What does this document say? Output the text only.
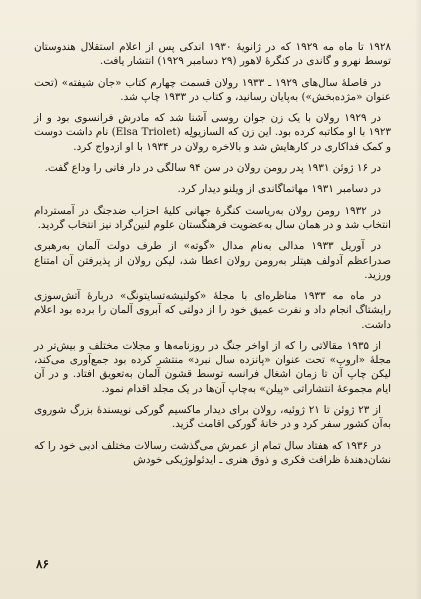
۱۹۲۸ تا ماه مه ۱۹۲۹ که در ژانویهٔ ۱۹۳۰ اندکی پس از اعلام استقلال هندوستان توسط نهرو و گاندی در کنگرهٔ لاهور (۲۹ دسامبر ۱۹۲۹) انتشار یافت.

در فاصلهٔ سال‌های ۱۹۲۹ ـ ۱۹۳۳ رولان قسمت چهارم کتاب «جان شیفته» (تحت عنوان «مژده‌بخش») به‌پایان رسانید، و کتاب در ۱۹۳۳ چاپ شد.

در ۱۹۲۹ رولان با یک زن جوان روسی آشنا شد که مادرش فرانسوی بود و از ۱۹۲۳ با او مکاتبه کرده بود. این زن که السازیولِه (Elsa Triolet) نام داشت دوست و کمک فداکاری در کارهایش شد و بالاخره رولان در ۱۹۳۴ با او ازدواج کرد.

در ۱۶ ژوئن ۱۹۳۱ پدر رومن رولان در سن ۹۴ سالگی در دار فانی را وداع گفت.

در دسامبر ۱۹۳۱ مهاتماگاندی از ویلنو دیدار کرد.

در ۱۹۳۲ رومن رولان به‌ریاست کنگرهٔ جهانی کلیهٔ احزاب ضدجنگ در آمستردام انتخاب شد و در همان سال به‌عضویت فرهنگستان علوم لنین‌گراد نیز انتخاب گردید.

در آوریل ۱۹۳۳ مدالی به‌نام مدال «گوته» از طرف دولت آلمان به‌رهبری صدراعظم آدولف هیتلر به‌رومن رولان اعطا شد، لیکن رولان از پذیرفتن آن امتناع ورزید.

در ماه مه ۱۹۳۳ مناظره‌ای با مجلهٔ «کولنیشه‌تسایتونگ» دربارهٔ آتش‌سوزی رایشتاگ انجام داد و نفرت عمیق خود را از دولتی که آبروی آلمان را برده بود اعلام داشت.

از ۱۹۳۵ مقالاتی را که از اواخر جنگ در روزنامه‌ها و مجلات مختلف و بیش‌تر در مجلهٔ «اروپ» تحت عنوان «پانزده سال نبرد» منتشر کرده بود جمع‌آوری می‌کند، لیکن چاپ آن تا زمان اشغال فرانسه توسط قشون آلمان به‌تعویق افتاد. و در آن ایام مجموعهٔ انتشاراتی «پیلن» به‌چاپ آن‌ها در یک مجلد اقدام نمود.

از ۲۳ ژوئن تا ۲۱ ژوئیه، رولان برای دیدار ماکسیم گورکی نویسندهٔ بزرگ شوروی به‌آن کشور سفر کرد و در خانهٔ گورکی اقامت گزید.

در ۱۹۳۶ که هفتاد سال تمام از عمرش می‌گذشت رسالات مختلف ادبی خود را که نشان‌دهندهٔ ظرافت فکری و ذوق هنری ـ ایدئولوژیکی خودش

۸۶
